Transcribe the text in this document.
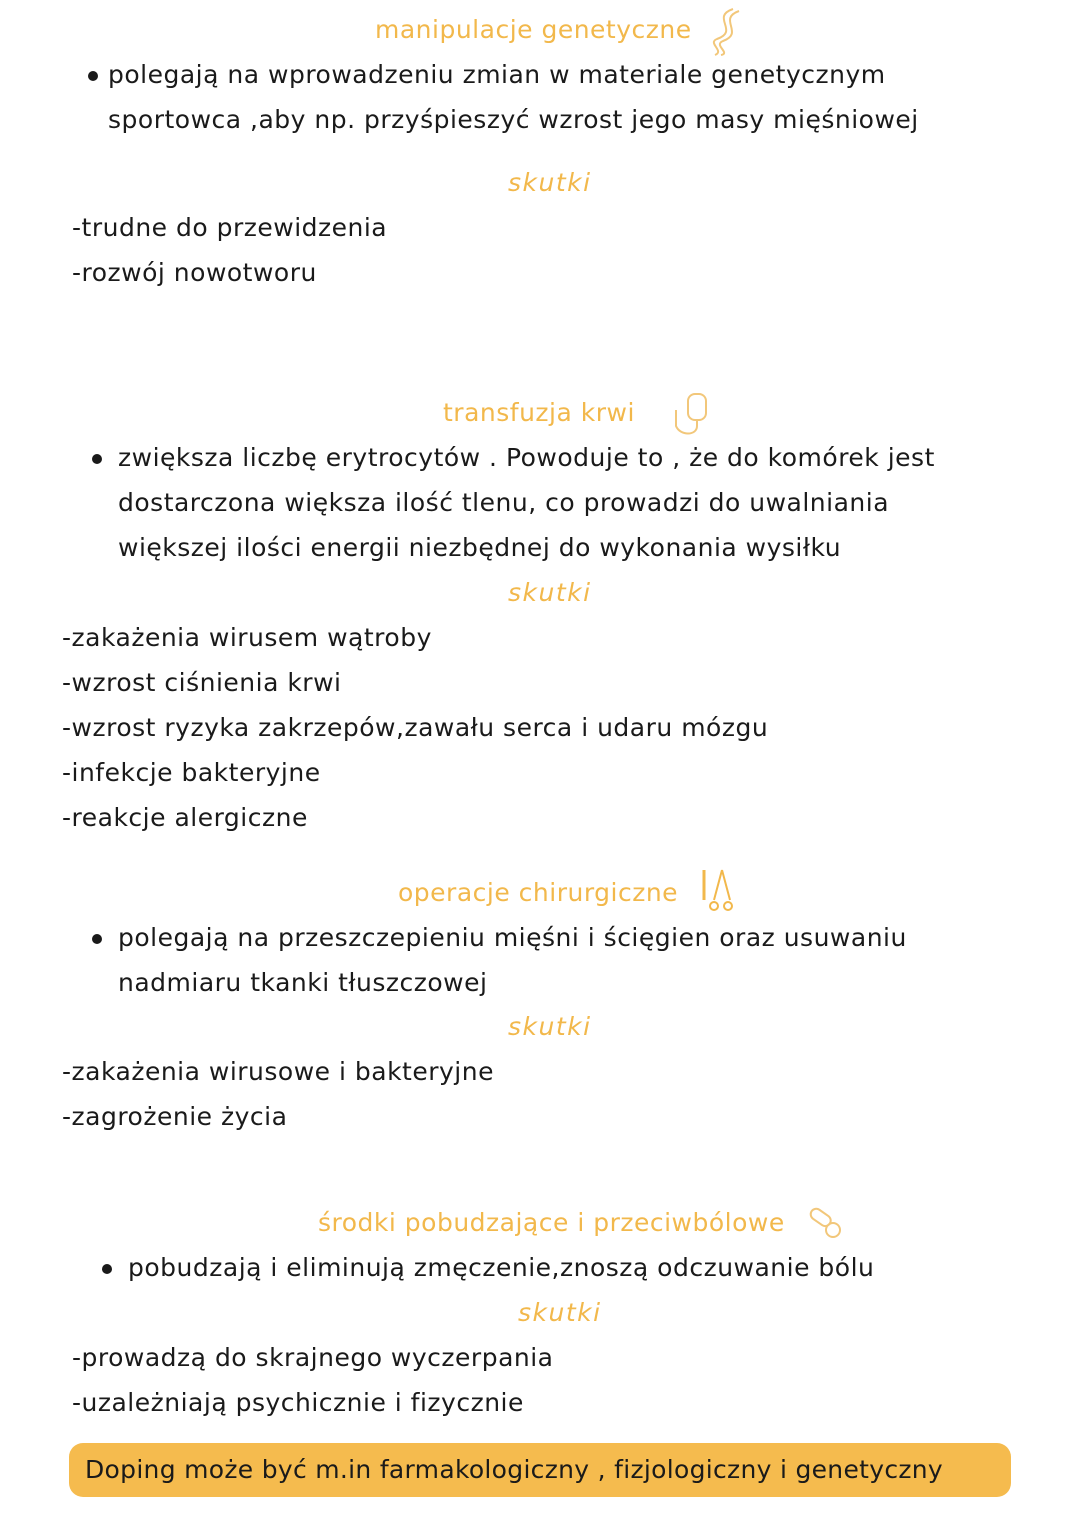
manipulacje genetyczne
polegają na wprowadzeniu zmian w materiale genetycznym
sportowca ,aby np. przyśpieszyć wzrost jego masy mięśniowej
skutki
-trudne do przewidzenia
-rozwój nowotworu
transfuzja krwi
zwiększa liczbę erytrocytów . Powoduje to , że do komórek jest
dostarczona większa ilość tlenu, co prowadzi do uwalniania
większej ilości energii niezbędnej do wykonania wysiłku
skutki
-zakażenia wirusem wątroby
-wzrost ciśnienia krwi
-wzrost ryzyka zakrzepów,zawału serca i udaru mózgu
-infekcje bakteryjne
-reakcje alergiczne
operacje chirurgiczne
polegają na przeszczepieniu mięśni i ścięgien oraz usuwaniu
nadmiaru tkanki tłuszczowej
skutki
-zakażenia wirusowe i bakteryjne
-zagrożenie życia
środki pobudzające i przeciwbólowe
pobudzają i eliminują zmęczenie,znoszą odczuwanie bólu
skutki
-prowadzą do skrajnego wyczerpania
-uzależniają psychicznie i fizycznie
Doping może być m.in farmakologiczny , fizjologiczny i genetyczny
